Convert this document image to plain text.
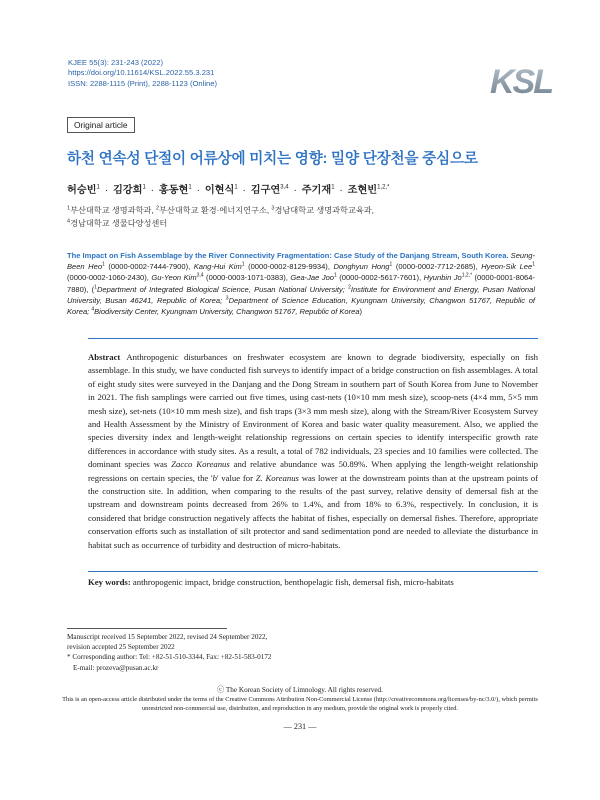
KJEE 55(3): 231-243 (2022)
https://doi.org/10.11614/KSL.2022.55.3.231
ISSN: 2288-1115 (Print), 2288-1123 (Online)	KSL
Original article
하천 연속성 단절이 어류상에 미치는 영향: 밀양 단장천을 중심으로
허승빈$^1$ · 김강희$^1$ · 홍동현$^1$ · 이현식$^1$ · 김구연$^{3,4}$ · 주기재$^1$ · 조현빈$^{1,2,*}$
$^1$부산대학교 생명과학과, $^2$부산대학교 환경·에너지연구소, $^3$경남대학교 생명과학교육과,
$^4$경남대학교 생물다양성센터
The Impact on Fish Assemblage by the River Connectivity Fragmentation: Case Study of the Danjang Stream, South Korea. Seung-Been Heo$^1$ (0000-0002-7444-7900), Kang-Hui Kim$^1$ (0000-0002-8129-9934), Donghyun Hong$^1$ (0000-0002-7712-2685), Hyeon-Sik Lee$^1$ (0000-0002-1060-2430), Gu-Yeon Kim$^{3,4}$ (0000-0003-1071-0383), Gea-Jae Joo$^1$ (0000-0002-5617-7601), Hyunbin $Jo^{1,2,*}$ (0000-0001-8064-7880), ($^1$Department of Integrated Biological Science, Pusan National University; $^2$Institute for Environment and Energy, Pusan National University, Busan 46241, Republic of Korea; $^3$Department of Science Education, Kyungnam University, Changwon 51767, Republic of Korea; $^4$Biodiversity Center, Kyungnam University, Changwon 51767, Republic of Korea)
Abstract Anthropogenic disturbances on freshwater ecosystem are known to degrade biodiversity, especially on fish assemblage. In this study, we have conducted fish surveys to identify impact of a bridge construction on fish assemblages. A total of eight study sites were surveyed in the Danjang and the Dong Stream in southern part of South Korea from June to November in 2021. The fish samplings were carried out five times, using cast-nets (10×10 mm mesh size), scoop-nets (4×4 mm, 5×5 mm mesh size), set-nets (10×10 mm mesh size), and fish traps (3×3 mm mesh size), along with the Stream/River Ecosystem Survey and Health Assessment by the Ministry of Environment of Korea and basic water quality measurement. Also, we applied the species diversity index and length-weight relationship regressions on certain species to identify interspecific growth rate differences in accordance with study sites. As a result, a total of 782 individuals, 23 species and 10 families were collected. The dominant species was Zacco Koreanus and relative abundance was 50.89%. When applying the length-weight relationship regressions on certain species, the 'b' value for Z. Koreanus was lower at the downstream points than at the upstream points of the construction site. In addition, when comparing to the results of the past survey, relative density of demersal fish at the upstream and downstream points decreased from 26% to 1.4%, and from 18% to 6.3%, respectively. In conclusion, it is considered that bridge construction negatively affects the habitat of fishes, especially on demersal fishes. Therefore, appropriate conservation efforts such as installation of silt protector and sand sedimentation pond are needed to alleviate the disturbance in habitat such as occurrence of turbidity and destruction of micro-habitats.
Key words: anthropogenic impact, bridge construction, benthopelagic fish, demersal fish, micro-habitats
Manuscript received 15 September 2022, revised 24 September 2022,
revision accepted 25 September 2022
* Corresponding author: Tel: +82-51-510-3344, Fax: +82-51-583-0172
E-mail: prozeva@pusan.ac.kr
ⓒ The Korean Society of Limnology. All rights reserved.
This is an open-access article distributed under the terms of the Creative Commons Attribution Non-Commercial License (http://creativecommons.org/licenses/by-nc/3.0/), which permits unrestricted non-commercial use, distribution, and reproduction in any medium, provide the original work is properly cited.
— 231 —
